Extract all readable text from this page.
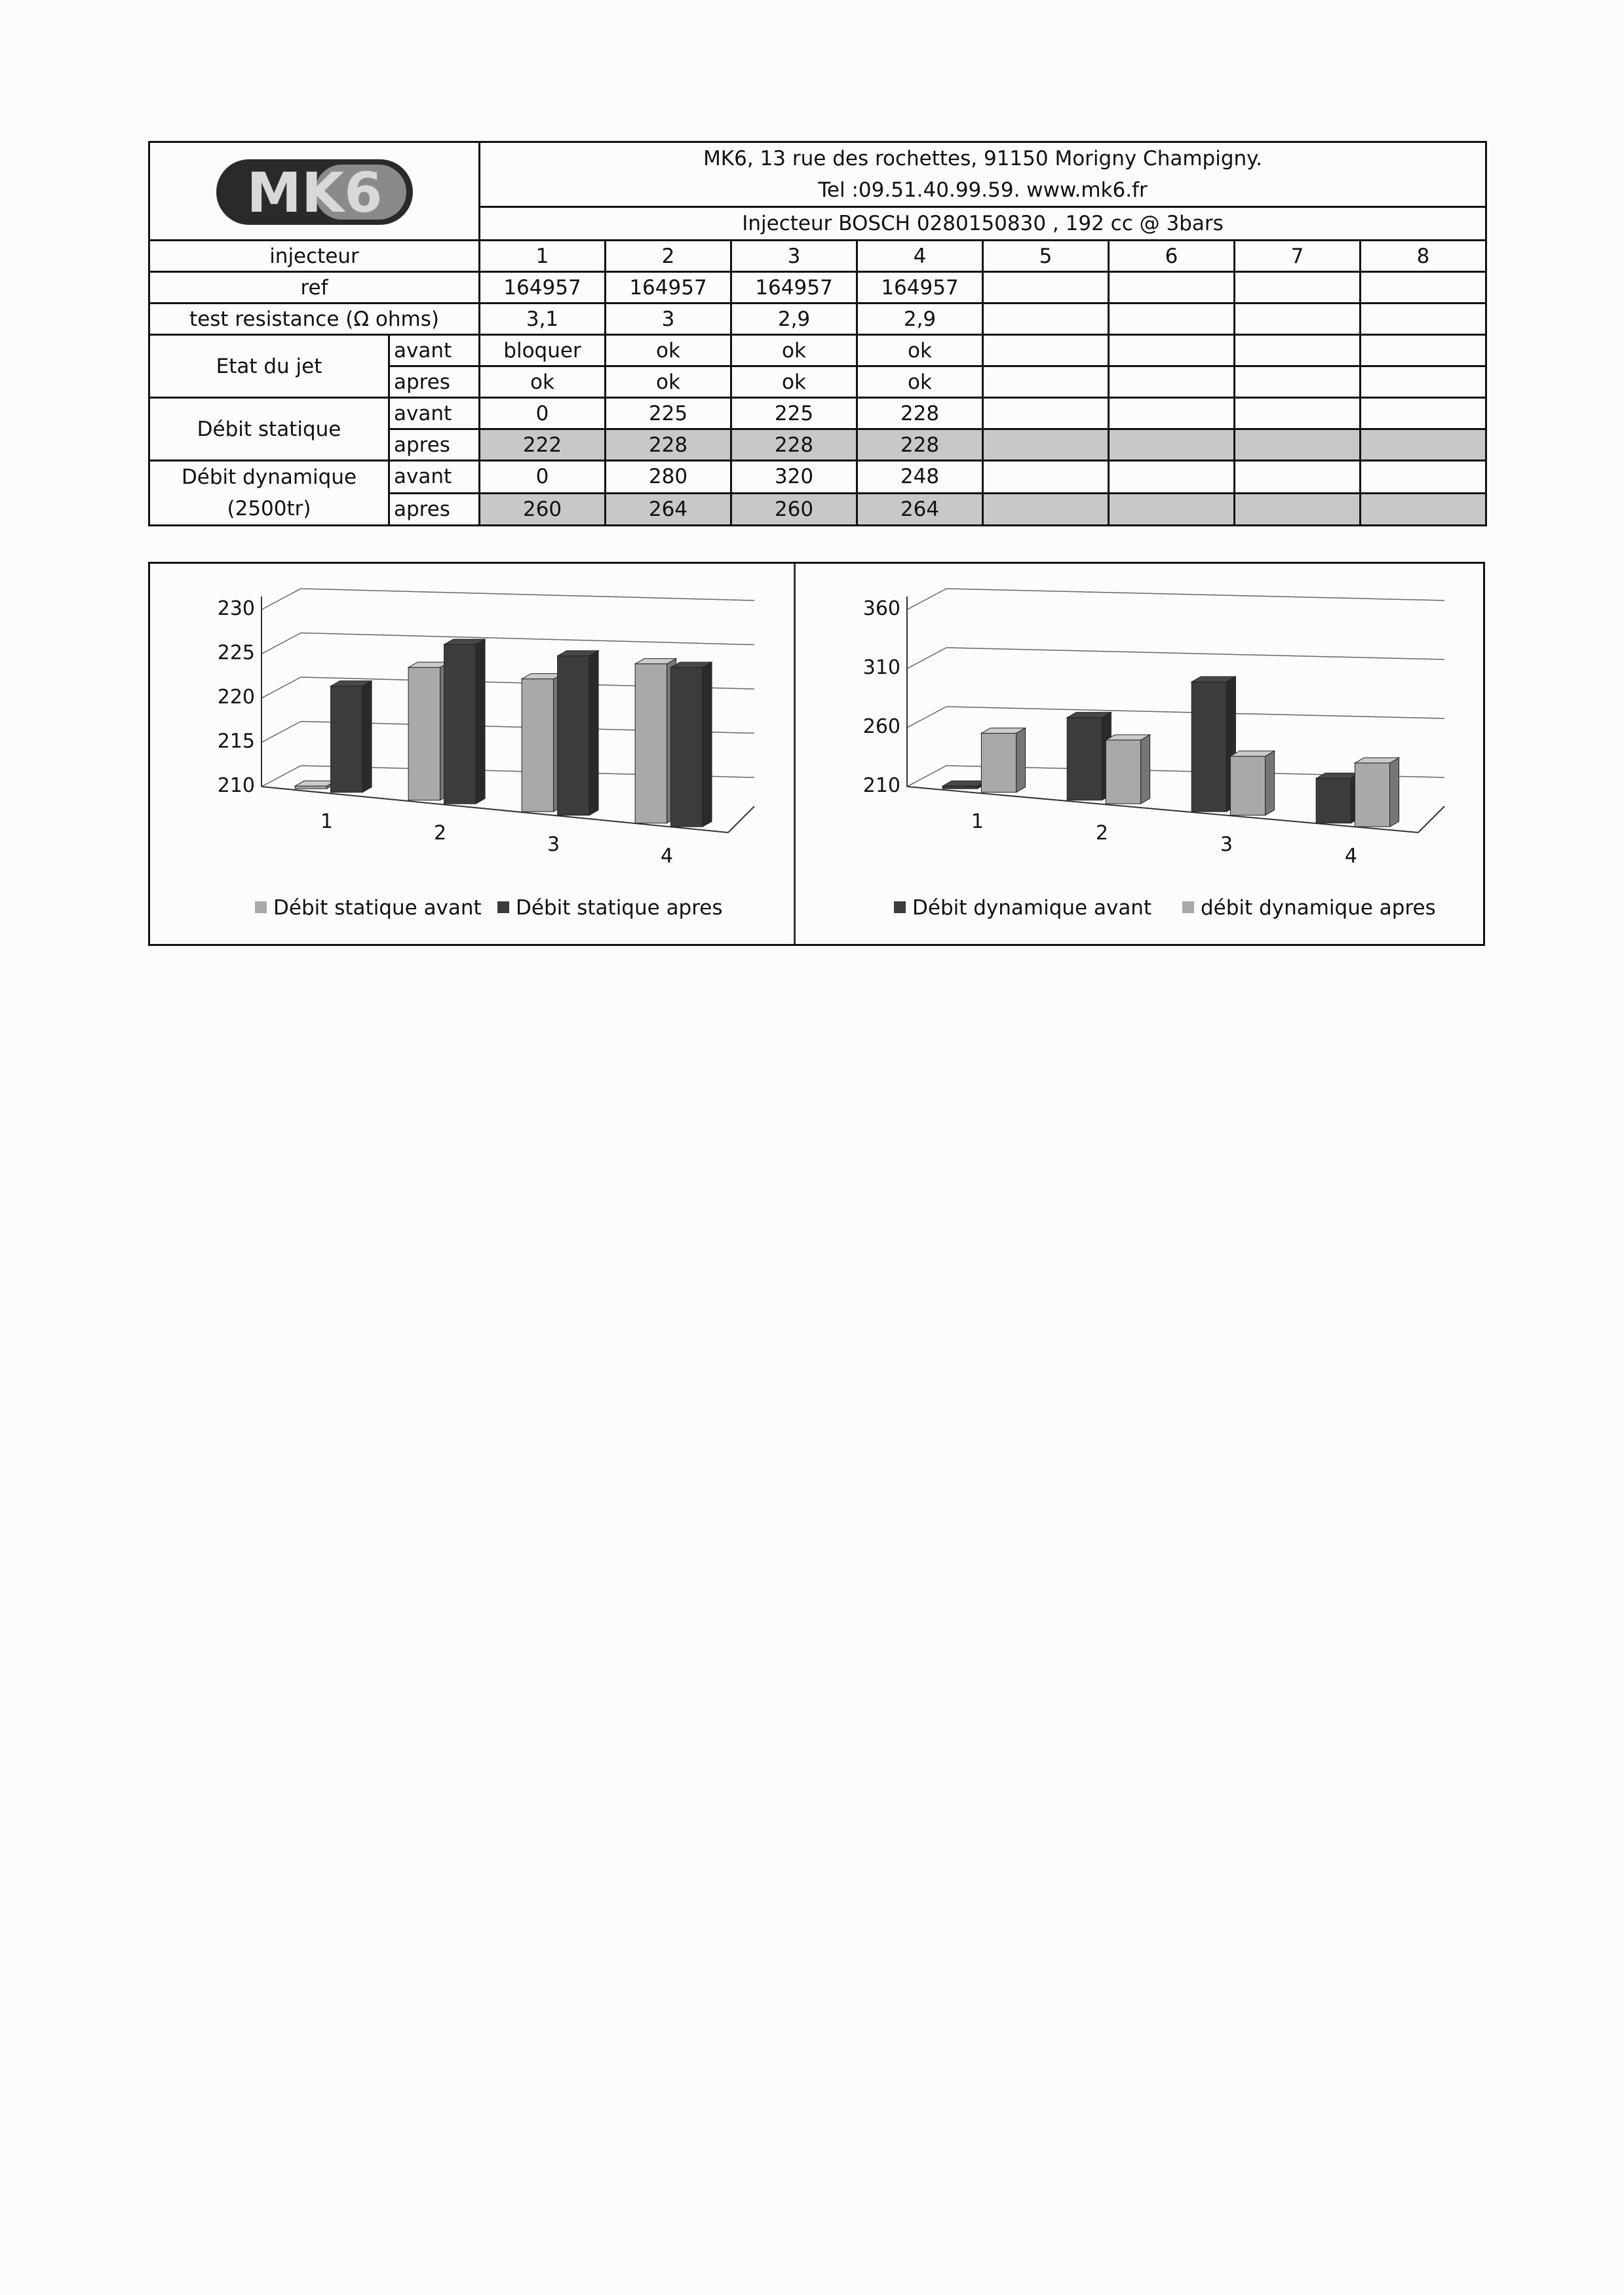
MK6		MK6, 13 rue des rochettes, 91150 Morigny Champigny.
Tel :09.51.40.99.59. www.mk6.fr							

		Injecteur BOSCH 0280150830 , 192 cc @ 3bars							
injecteur		1	2	3	4	5	6	7	8
ref		164957	164957	164957	164957				
test resistance (Ω ohms)		3,1	3	2,9	2,9				
Etat du jet	avant	bloquer	ok	ok	ok				
	apres	ok	ok	ok	ok				
Débit statique	avant	0	225	225	228				
	apres	222	228	228	228				

Débit dynamique
(2500tr)	avant	0	280	320	248				
	apres	260	264	260	264				
230
225
220
215
210
1	2	3	4
Débit statique avant Débit statique apres
360
310
260
210
1	2	3	4
Débit dynamique avant débit dynamique apres
